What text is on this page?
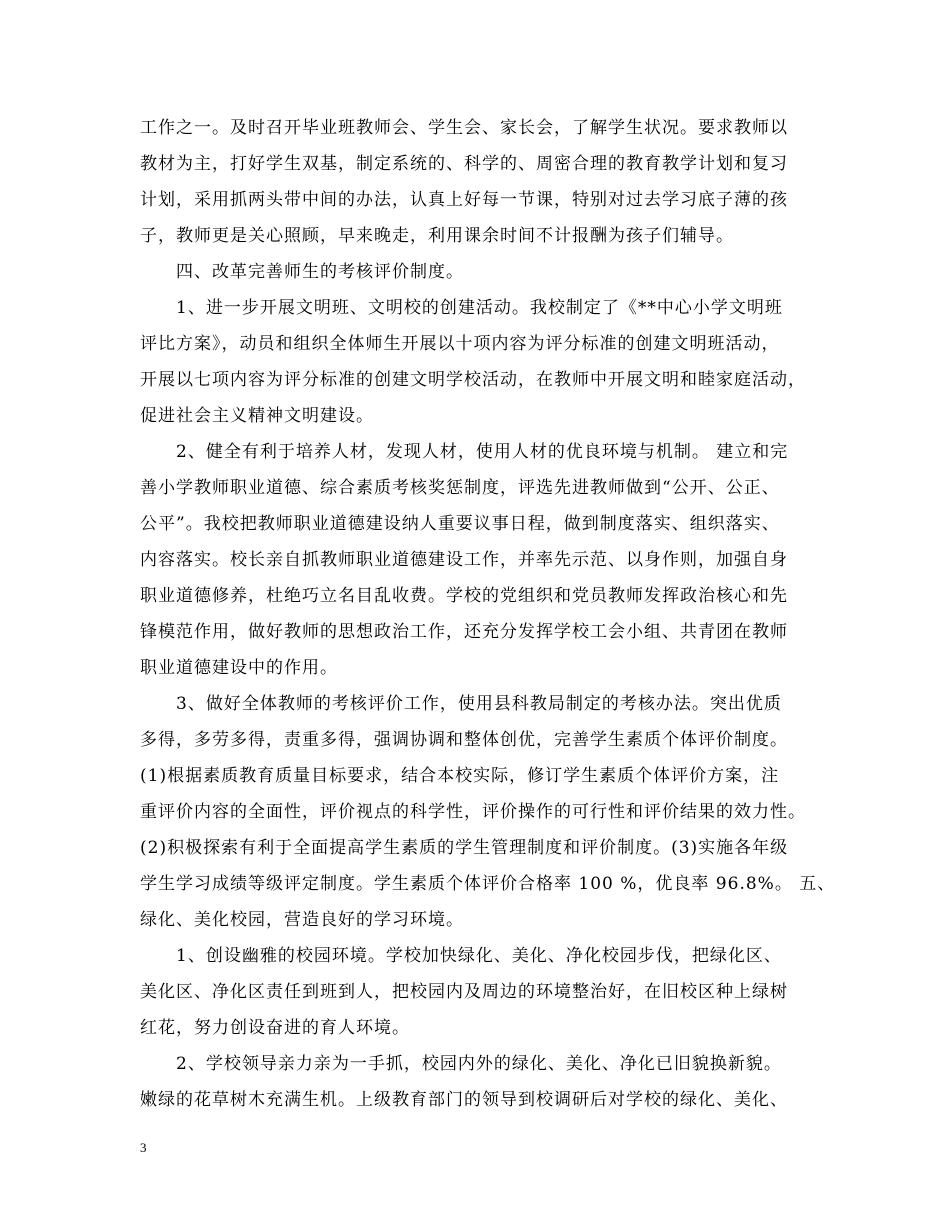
工作之一。及时召开毕业班教师会、学生会、家长会，了解学生状况。要求教师以
教材为主，打好学生双基，制定系统的、科学的、周密合理的教育教学计划和复习
计划，采用抓两头带中间的办法，认真上好每一节课，特别对过去学习底子薄的孩
子，教师更是关心照顾，早来晚走，利用课余时间不计报酬为孩子们辅导。
　　四、改革完善师生的考核评价制度。
　　1、进一步开展文明班、文明校的创建活动。我校制定了《**中心小学文明班
评比方案》，动员和组织全体师生开展以十项内容为评分标准的创建文明班活动，
开展以七项内容为评分标准的创建文明学校活动，在教师中开展文明和睦家庭活动，
促进社会主义精神文明建设。
　　2、健全有利于培养人材，发现人材，使用人材的优良环境与机制。 建立和完
善小学教师职业道德、综合素质考核奖惩制度，评选先进教师做到“公开、公正、
公平”。我校把教师职业道德建设纳人重要议事日程，做到制度落实、组织落实、
内容落实。校长亲自抓教师职业道德建设工作，并率先示范、以身作则，加强自身
职业道德修养，杜绝巧立名目乱收费。学校的党组织和党员教师发挥政治核心和先
锋模范作用，做好教师的思想政治工作，还充分发挥学校工会小组、共青团在教师
职业道德建设中的作用。
　　3、做好全体教师的考核评价工作，使用县科教局制定的考核办法。突出优质
多得，多劳多得，责重多得，强调协调和整体创优，完善学生素质个体评价制度。
(1)根据素质教育质量目标要求，结合本校实际，修订学生素质个体评价方案，注
重评价内容的全面性，评价视点的科学性，评价操作的可行性和评价结果的效力性。
(2)积极探索有利于全面提高学生素质的学生管理制度和评价制度。(3)实施各年级
学生学习成绩等级评定制度。学生素质个体评价合格率 100 %，优良率 96.8%。 五、
绿化、美化校园，营造良好的学习环境。
　　1、创设幽雅的校园环境。学校加快绿化、美化、净化校园步伐，把绿化区、
美化区、净化区责任到班到人，把校园内及周边的环境整治好，在旧校区种上绿树
红花，努力创设奋进的育人环境。
　　2、学校领导亲力亲为一手抓，校园内外的绿化、美化、净化已旧貌换新貌。
嫩绿的花草树木充满生机。上级教育部门的领导到校调研后对学校的绿化、美化、
3
